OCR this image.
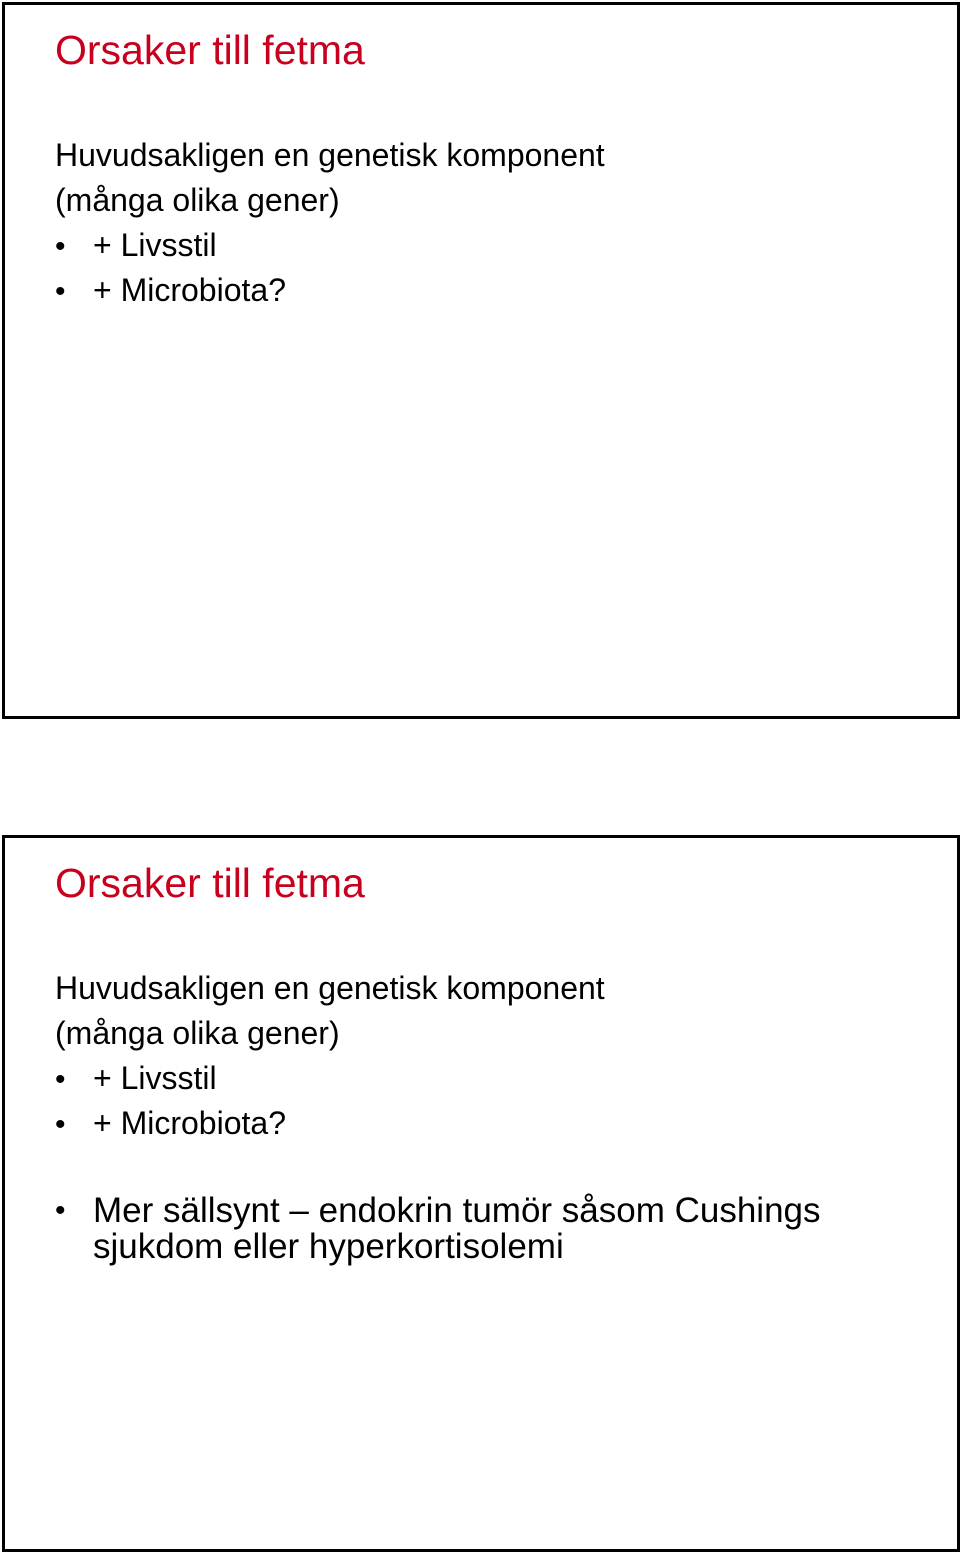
Orsaker till fetma
Huvudsakligen en genetisk komponent
(många olika gener)
• + Livsstil
• + Microbiota?
Orsaker till fetma
Huvudsakligen en genetisk komponent
(många olika gener)
• + Livsstil
• + Microbiota?
• Mer sällsynt – endokrin tumör såsom Cushings
sjukdom eller hyperkortisolemi
